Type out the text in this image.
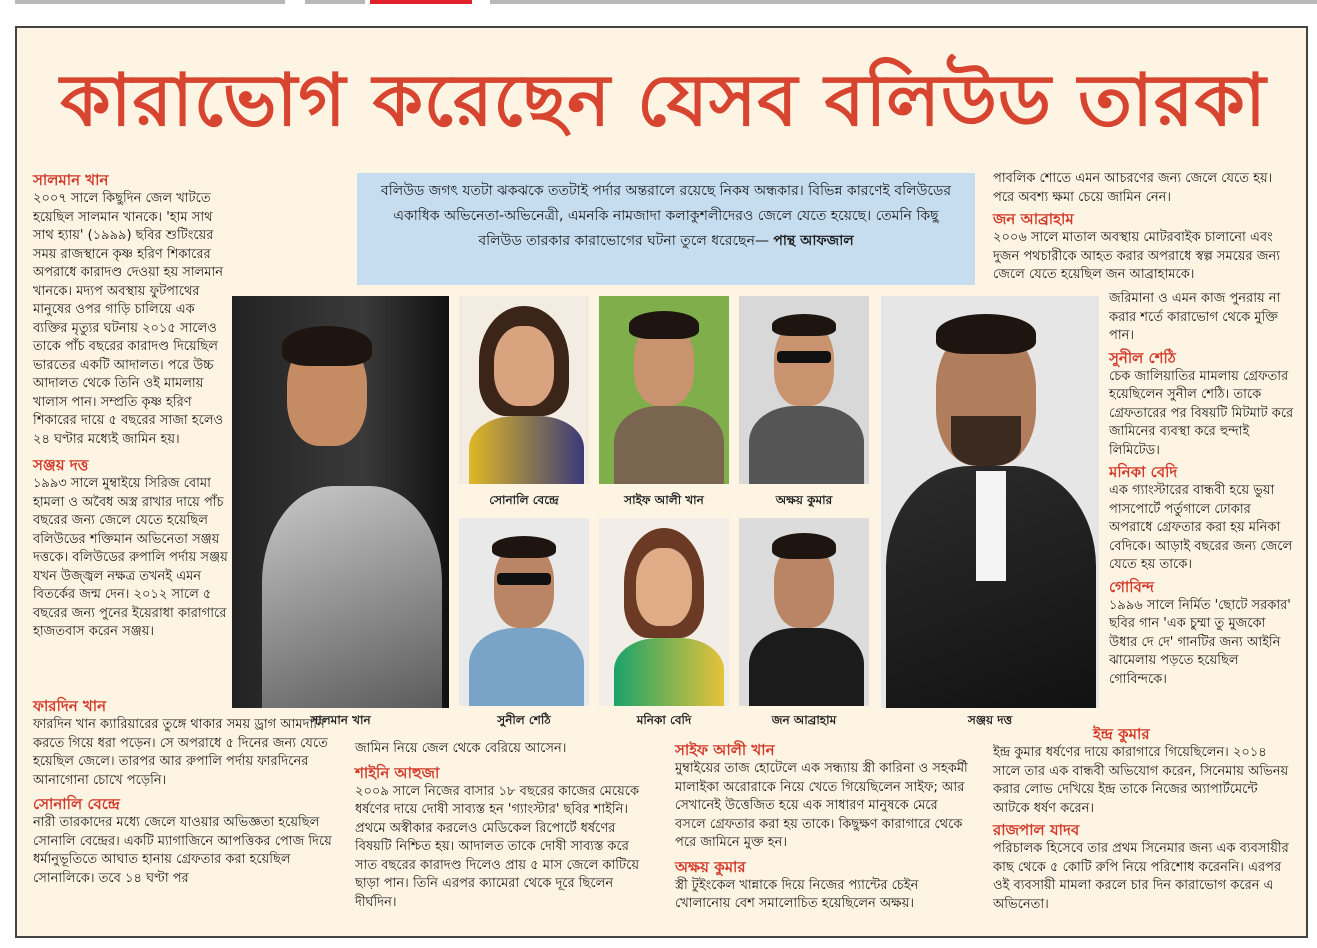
কারাভোগ করেছেন যেসব বলিউড তারকা

সালমান খান

২০০৭ সালে কিছুদিন জেল খাটতে হয়েছিল সালমান খানকে। 'হাম সাথ সাথ হ্যায়' (১৯৯৯) ছবির শুটিংয়ের সময় রাজস্থানে কৃষ্ণ হরিণ শিকারের অপরাধে কারাদণ্ড দেওয়া হয় সালমান খানকে। মদ্যপ অবস্থায় ফুটপাথের মানুষের ওপর গাড়ি চালিয়ে এক ব্যক্তির মৃত্যুর ঘটনায় ২০১৫ সালেও তাকে পাঁচ বছরের কারাদণ্ড দিয়েছিল ভারতের একটি আদালত। পরে উচ্চ আদালত থেকে তিনি ওই মামলায় খালাস পান। সম্প্রতি কৃষ্ণ হরিণ শিকারের দায়ে ৫ বছরের সাজা হলেও ২৪ ঘণ্টার মধ্যেই জামিন হয়।

সঞ্জয় দত্ত

১৯৯৩ সালে মুম্বাইয়ে সিরিজ বোমা হামলা ও অবৈধ অস্ত্র রাখার দায়ে পাঁচ বছরের জন্য জেলে যেতে হয়েছিল বলিউডের শক্তিমান অভিনেতা সঞ্জয় দত্তকে। বলিউডের রুপালি পর্দায় সঞ্জয় যখন উজ্জ্বল নক্ষত্র তখনই এমন বিতর্কের জন্ম দেন। ২০১২ সালে ৫ বছরের জন্য পুনের ইয়েরাধা কারাগারে হাজতবাস করেন সঞ্জয়।

ফারদিন খান

ফারদিন খান ক্যারিয়ারের তুঙ্গে থাকার সময় ড্রাগ আমদানি করতে গিয়ে ধরা পড়েন। সে অপরাধে ৫ দিনের জন্য যেতে হয়েছিল জেলে। তারপর আর রুপালি পর্দায় ফারদিনের আনাগোনা চোখে পড়েনি।

সোনালি বেন্দ্রে

নারী তারকাদের মধ্যে জেলে যাওয়ার অভিজ্ঞতা হয়েছিল সোনালি বেন্দ্রের। একটি ম্যাগাজিনে আপত্তিকর পোজ দিয়ে ধর্মানুভূতিতে আঘাত হানায় গ্রেফতার করা হয়েছিল সোনালিকে। তবে ১৪ ঘণ্টা পর

বলিউড জগৎ যতটা ঝকঝকে ততটাই পর্দার অন্তরালে রয়েছে নিকষ অন্ধকার। বিভিন্ন কারণেই বলিউডের একাধিক অভিনেতা-অভিনেত্রী, এমনকি নামজাদা কলাকুশলীদেরও জেলে যেতে হয়েছে। তেমনি কিছু বলিউড তারকার কারাভোগের ঘটনা তুলে ধরেছেন— পান্থ আফজাল
সালমান খান
সোনালি বেন্দ্রে	সাইফ আলী খান	অক্ষয় কুমার
সুনীল শেঠি	মনিকা বেদি	জন আব্রাহাম	সঞ্জয় দত্ত

জামিন নিয়ে জেল থেকে বেরিয়ে আসেন।

শাইনি আহুজা

২০০৯ সালে নিজের বাসার ১৮ বছরের কাজের মেয়েকে ধর্ষণের দায়ে দোষী সাব্যস্ত হন 'গ্যাংস্টার' ছবির শাইনি। প্রথমে অস্বীকার করলেও মেডিকেল রিপোর্টে ধর্ষণের বিষয়টি নিশ্চিত হয়। আদালত তাকে দোষী সাব্যস্ত করে সাত বছরের কারাদণ্ড দিলেও প্রায় ৫ মাস জেলে কাটিয়ে ছাড়া পান। তিনি এরপর ক্যামেরা থেকে দূরে ছিলেন দীর্ঘদিন।

সাইফ আলী খান

মুম্বাইয়ের তাজ হোটেলে এক সন্ধ্যায় স্ত্রী কারিনা ও সহকর্মী মালাইকা অরোরাকে নিয়ে খেতে গিয়েছিলেন সাইফ; আর সেখানেই উত্তেজিত হয়ে এক সাধারণ মানুষকে মেরে বসলে গ্রেফতার করা হয় তাকে। কিছুক্ষণ কারাগারে থেকে পরে জামিনে মুক্ত হন।

অক্ষয় কুমার

স্ত্রী টুইংকেল খান্নাকে দিয়ে নিজের প্যান্টের চেইন খোলানোয় বেশ সমালোচিত হয়েছিলেন অক্ষয়।

পাবলিক শোতে এমন আচরণের জন্য জেলে যেতে হয়। পরে অবশ্য ক্ষমা চেয়ে জামিন নেন।

জন আব্রাহাম

২০০৬ সালে মাতাল অবস্থায় মোটরবাইক চালানো এবং দুজন পথচারীকে আহত করার অপরাধে স্বল্প সময়ের জন্য জেলে যেতে হয়েছিল জন আব্রাহামকে।

জরিমানা ও এমন কাজ পুনরায় না করার শর্তে কারাভোগ থেকে মুক্তি পান।

সুনীল শেঠি

চেক জালিয়াতির মামলায় গ্রেফতার হয়েছিলেন সুনীল শেঠি। তাকে গ্রেফতারের পর বিষয়টি মিটমাট করে জামিনের ব্যবস্থা করে হুন্দাই লিমিটেড।

মনিকা বেদি

এক গ্যাংস্টারের বান্ধবী হয়ে ভুয়া পাসপোর্টে পর্তুগালে ঢোকার অপরাধে গ্রেফতার করা হয় মনিকা বেদিকে। আড়াই বছরের জন্য জেলে যেতে হয় তাকে।

গোবিন্দ

১৯৯৬ সালে নির্মিত 'ছোটে সরকার' ছবির গান 'এক চুম্মা তু মুজকো উধার দে দে' গানটির জন্য আইনি ঝামেলায় পড়তে হয়েছিল গোবিন্দকে।

ইন্দ্র কুমার

ইন্দ্র কুমার ধর্ষণের দায়ে কারাগারে গিয়েছিলেন। ২০১৪ সালে তার এক বান্ধবী অভিযোগ করেন, সিনেমায় অভিনয় করার লোভ দেখিয়ে ইন্দ্র তাকে নিজের অ্যাপার্টমেন্টে আটকে ধর্ষণ করেন।

রাজপাল যাদব

পরিচালক হিসেবে তার প্রথম সিনেমার জন্য এক ব্যবসায়ীর কাছ থেকে ৫ কোটি রুপি নিয়ে পরিশোধ করেননি। এরপর ওই ব্যবসায়ী মামলা করলে চার দিন কারাভোগ করেন এ অভিনেতা।
